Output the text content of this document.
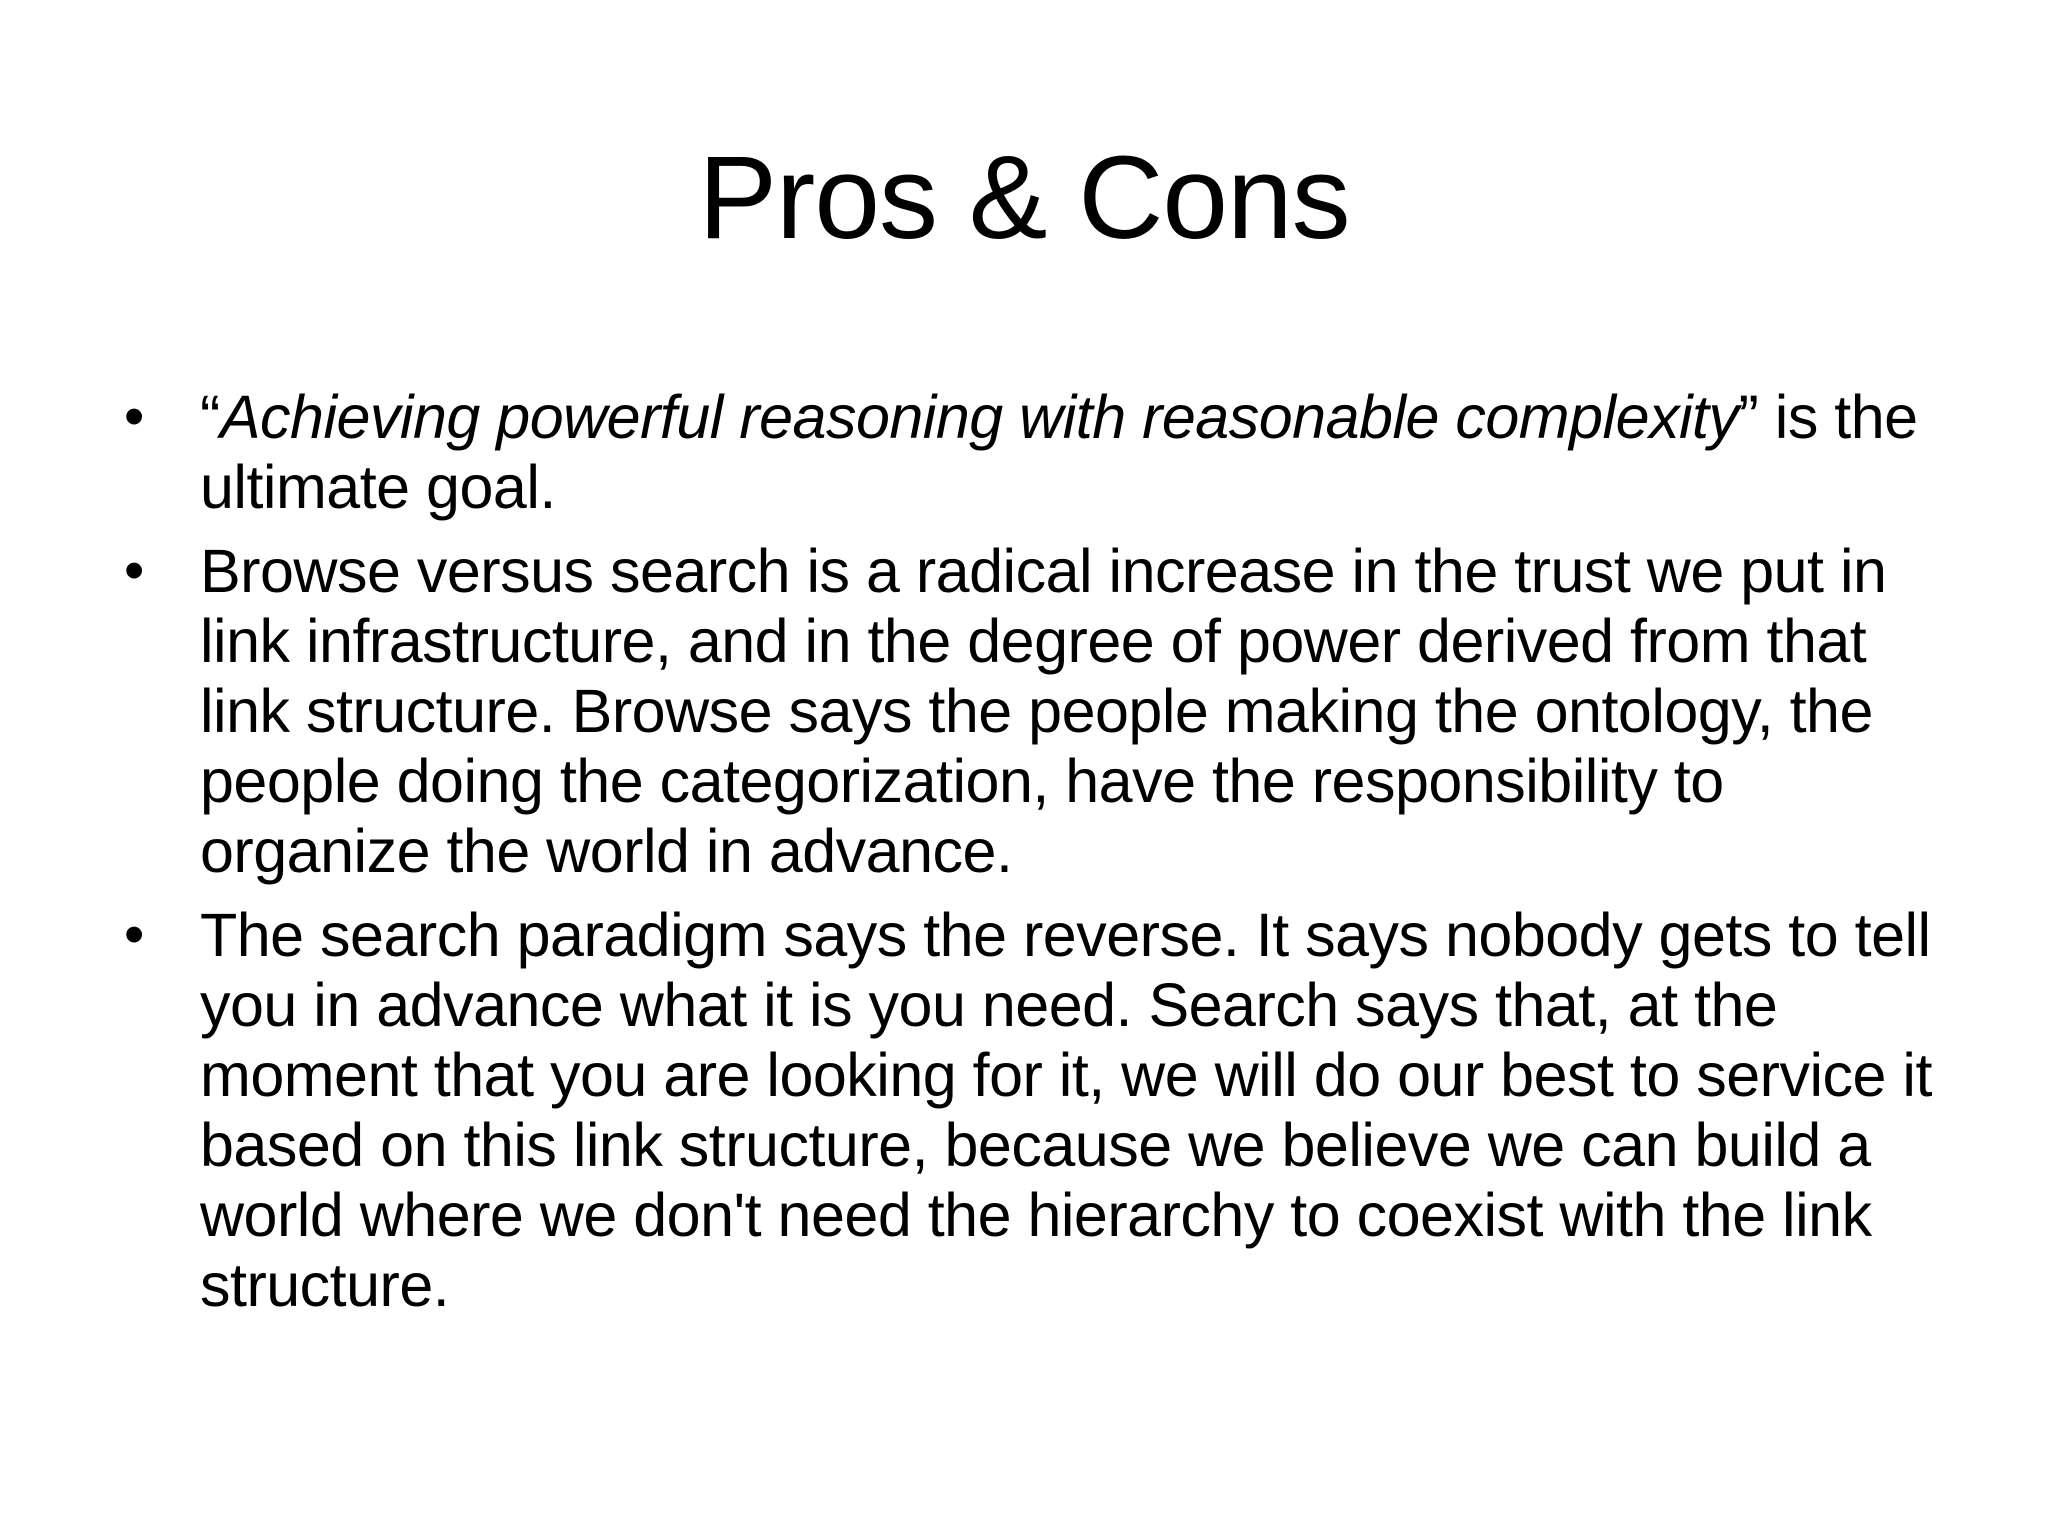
Pros & Cons
• “Achieving powerful reasoning with reasonable complexity” is the ultimate goal.
• Browse versus search is a radical increase in the trust we put in link infrastructure, and in the degree of power derived from that link structure. Browse says the people making the ontology, the people doing the categorization, have the responsibility to organize the world in advance.
• The search paradigm says the reverse. It says nobody gets to tell you in advance what it is you need. Search says that, at the moment that you are looking for it, we will do our best to service it based on this link structure, because we believe we can build a world where we don't need the hierarchy to coexist with the link structure.
